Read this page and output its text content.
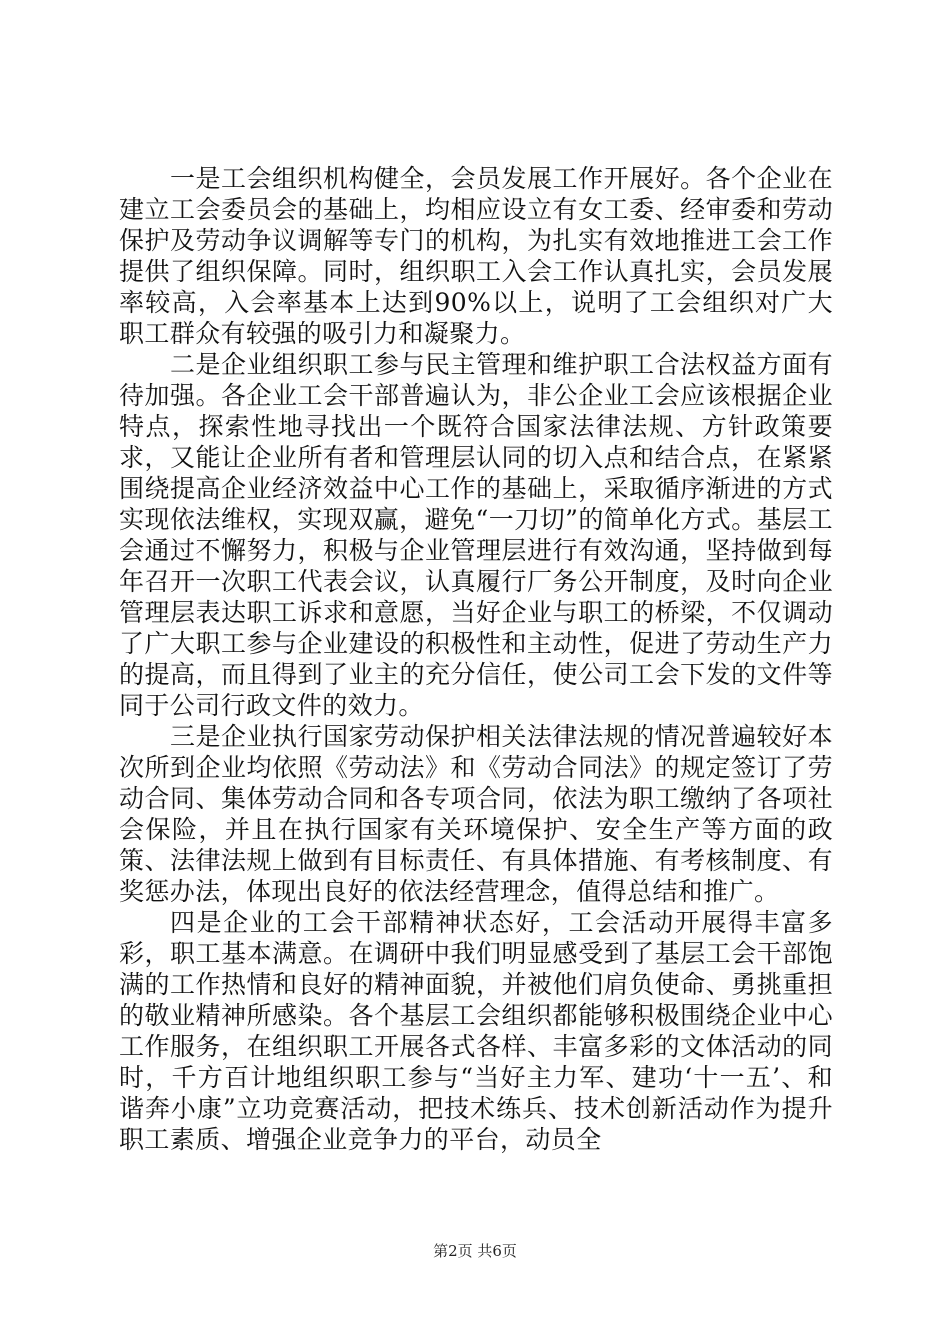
一是工会组织机构健全，会员发展工作开展好。各个企业在建立工会委员会的基础上，均相应设立有女工委、经审委和劳动保护及劳动争议调解等专门的机构，为扎实有效地推进工会工作提供了组织保障。同时，组织职工入会工作认真扎实，会员发展率较高，入会率基本上达到90%以上，说明了工会组织对广大职工群众有较强的吸引力和凝聚力。

二是企业组织职工参与民主管理和维护职工合法权益方面有待加强。各企业工会干部普遍认为，非公企业工会应该根据企业特点，探索性地寻找出一个既符合国家法律法规、方针政策要求，又能让企业所有者和管理层认同的切入点和结合点，在紧紧围绕提高企业经济效益中心工作的基础上，采取循序渐进的方式实现依法维权，实现双赢，避免“一刀切”的简单化方式。基层工会通过不懈努力，积极与企业管理层进行有效沟通，坚持做到每年召开一次职工代表会议，认真履行厂务公开制度，及时向企业管理层表达职工诉求和意愿，当好企业与职工的桥梁，不仅调动了广大职工参与企业建设的积极性和主动性，促进了劳动生产力的提高，而且得到了业主的充分信任，使公司工会下发的文件等同于公司行政文件的效力。

三是企业执行国家劳动保护相关法律法规的情况普遍较好本次所到企业均依照《劳动法》和《劳动合同法》的规定签订了劳动合同、集体劳动合同和各专项合同，依法为职工缴纳了各项社会保险，并且在执行国家有关环境保护、安全生产等方面的政策、法律法规上做到有目标责任、有具体措施、有考核制度、有奖惩办法，体现出良好的依法经营理念，值得总结和推广。

四是企业的工会干部精神状态好，工会活动开展得丰富多彩，职工基本满意。在调研中我们明显感受到了基层工会干部饱满的工作热情和良好的精神面貌，并被他们肩负使命、勇挑重担的敬业精神所感染。各个基层工会组织都能够积极围绕企业中心工作服务，在组织职工开展各式各样、丰富多彩的文体活动的同时，千方百计地组织职工参与“当好主力军、建功‘十一五’、和谐奔小康”立功竞赛活动，把技术练兵、技术创新活动作为提升职工素质、增强企业竞争力的平台，动员全

第2页 共6页
